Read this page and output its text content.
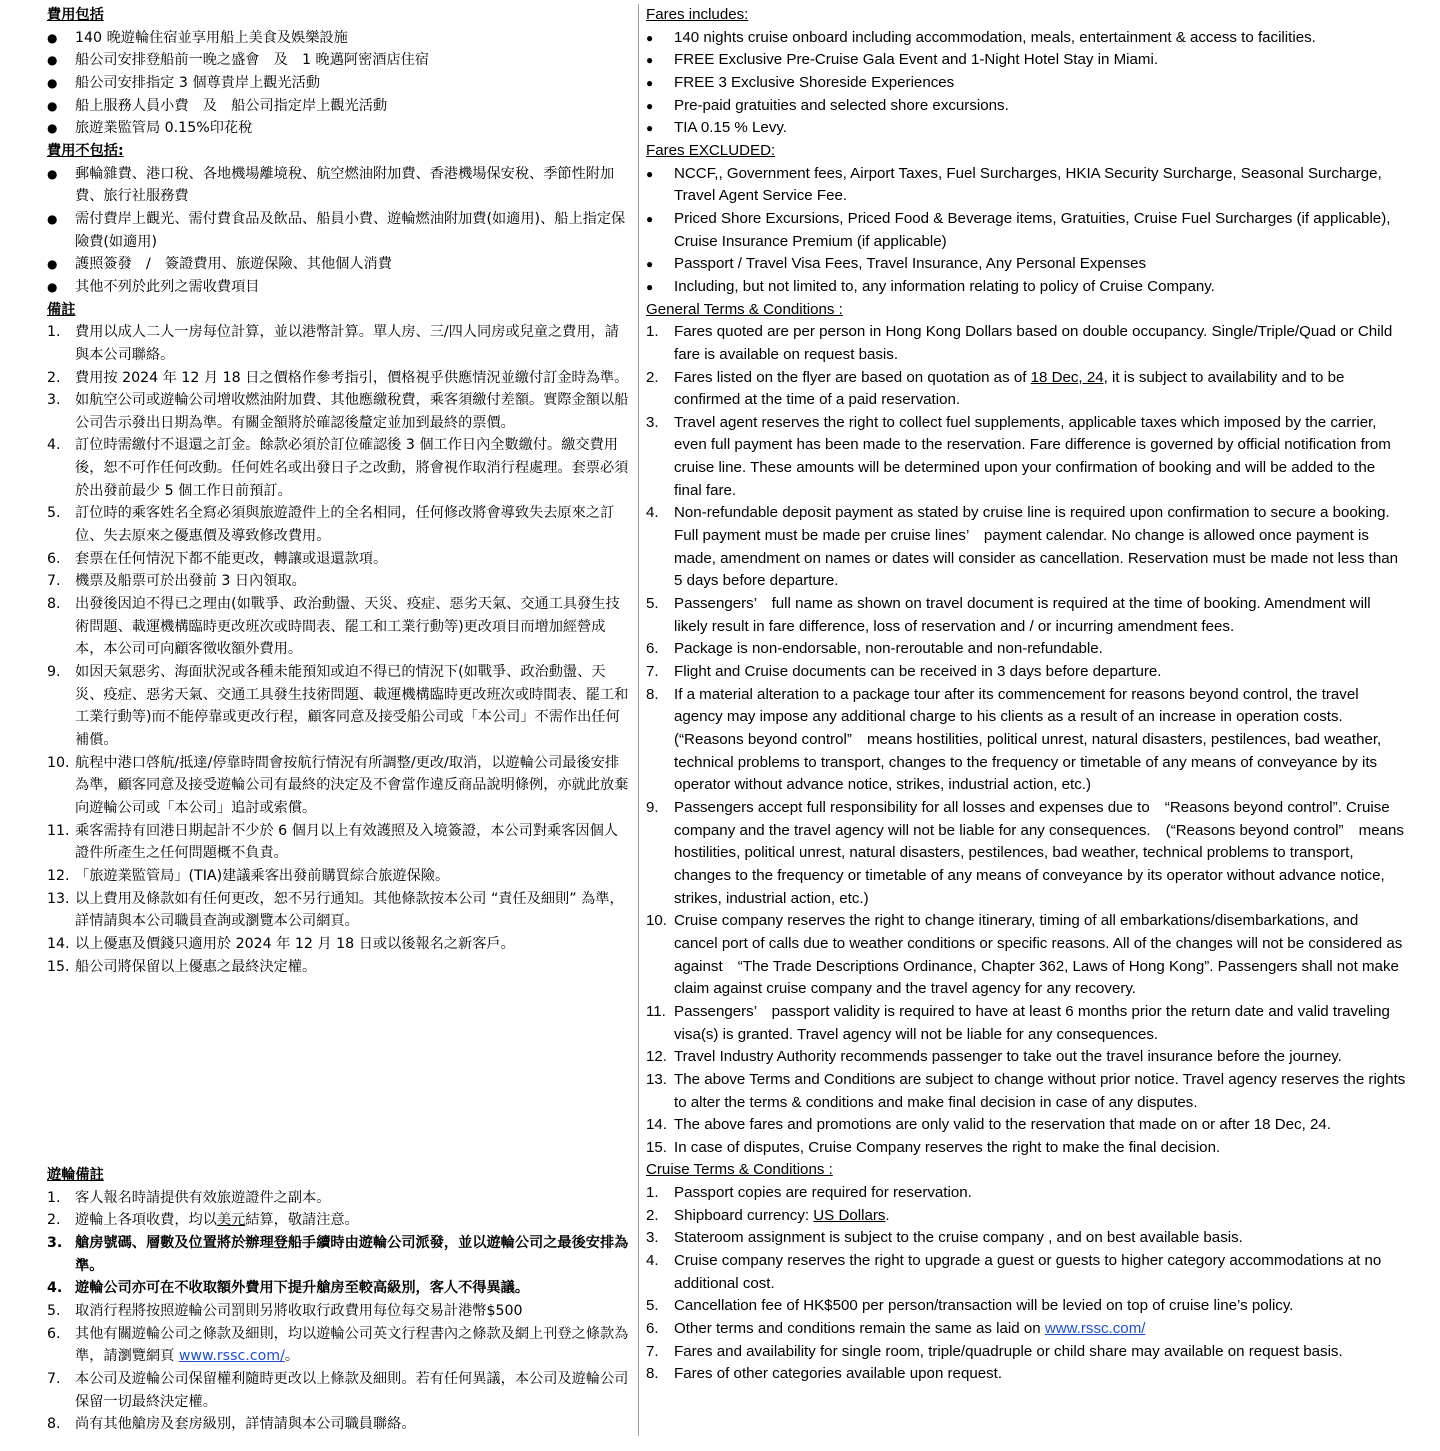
費用包括
● 140 晚遊輪住宿並享用船上美食及娛樂設施
● 船公司安排登船前一晚之盛會　及　1 晚邁阿密酒店住宿
● 船公司安排指定 3 個尊貴岸上觀光活動
● 船上服務人員小費　及　船公司指定岸上觀光活動
● 旅遊業監管局 0.15%印花稅
費用不包括:
● 郵輪雜費、港口稅、各地機場離境稅、航空燃油附加費、香港機場保安稅、季節性附加費、旅行社服務費
● 需付費岸上觀光、需付費食品及飲品、船員小費、遊輪燃油附加費(如適用)、船上指定保險費(如適用)
● 護照簽發　/　簽證費用、旅遊保險、其他個人消費
● 其他不列於此列之需收費項目
備註
1. 費用以成人二人一房每位計算，並以港幣計算。單人房、三/四人同房或兒童之費用，請與本公司聯絡。
2. 費用按 2024 年 12 月 18 日之價格作參考指引，價格視乎供應情況並繳付訂金時為準。
3. 如航空公司或遊輪公司增收燃油附加費、其他應繳稅費，乘客須繳付差額。實際金額以船公司告示發出日期為準。有關金額將於確認後釐定並加到最終的票價。
4. 訂位時需繳付不退還之訂金。餘款必須於訂位確認後 3 個工作日內全數繳付。繳交費用後，恕不可作任何改動。任何姓名或出發日子之改動，將會視作取消行程處理。套票必須於出發前最少 5 個工作日前預訂。
5. 訂位時的乘客姓名全寫必須與旅遊證件上的全名相同，任何修改將會導致失去原來之訂位、失去原來之優惠價及導致修改費用。
6. 套票在任何情況下都不能更改，轉讓或退還款項。
7. 機票及船票可於出發前 3 日內領取。
8. 出發後因迫不得已之理由(如戰爭、政治動盪、天災、疫症、惡劣天氣、交通工具發生技術問題、載運機構臨時更改班次或時間表、罷工和工業行動等)更改項目而增加經營成本，本公司可向顧客徵收額外費用。
9. 如因天氣惡劣、海面狀況或各種未能預知或迫不得已的情況下(如戰爭、政治動盪、天災、疫症、惡劣天氣、交通工具發生技術問題、載運機構臨時更改班次或時間表、罷工和工業行動等)而不能停靠或更改行程，顧客同意及接受船公司或「本公司」不需作出任何補償。
10. 航程中港口啓航/抵達/停靠時間會按航行情況有所調整/更改/取消，以遊輪公司最後安排為準，顧客同意及接受遊輪公司有最終的決定及不會當作違反商品說明條例，亦就此放棄向遊輪公司或「本公司」追討或索償。
11. 乘客需持有回港日期起計不少於 6 個月以上有效護照及入境簽證，本公司對乘客因個人證件所產生之任何問題概不負責。
12. 「旅遊業監管局」(TIA)建議乘客出發前購買綜合旅遊保險。
13. 以上費用及條款如有任何更改，恕不另行通知。其他條款按本公司 “責任及細則” 為準，詳情請與本公司職員查詢或瀏覽本公司網頁。
14. 以上優惠及價錢只適用於 2024 年 12 月 18 日或以後報名之新客戶。
15. 船公司將保留以上優惠之最終決定權。
遊輪備註
1. 客人報名時請提供有效旅遊證件之副本。
2. 遊輪上各項收費，均以美元結算，敬請注意。
3. 艙房號碼、層數及位置將於辦理登船手續時由遊輪公司派發，並以遊輪公司之最後安排為準。
4. 遊輪公司亦可在不收取額外費用下提升艙房至較高級別，客人不得異議。
5. 取消行程將按照遊輪公司罰則另將收取行政費用每位每交易計港幣$500
6. 其他有關遊輪公司之條款及細則，均以遊輪公司英文行程書內之條款及網上刊登之條款為準，請瀏覽網頁 www.rssc.com/。
7. 本公司及遊輪公司保留權利隨時更改以上條款及細則。若有任何異議，本公司及遊輪公司保留一切最終決定權。
8. 尚有其他艙房及套房級別，詳情請與本公司職員聯絡。
Fares includes:
● 140 nights cruise onboard including accommodation, meals, entertainment & access to facilities.
● FREE Exclusive Pre-Cruise Gala Event and 1-Night Hotel Stay in Miami.
● FREE 3 Exclusive Shoreside Experiences
● Pre-paid gratuities and selected shore excursions.
● TIA 0.15 % Levy.
Fares EXCLUDED:
● NCCF,, Government fees, Airport Taxes, Fuel Surcharges, HKIA Security Surcharge, Seasonal Surcharge, Travel Agent Service Fee.
● Priced Shore Excursions, Priced Food & Beverage items, Gratuities, Cruise Fuel Surcharges (if applicable), Cruise Insurance Premium (if applicable)
● Passport / Travel Visa Fees, Travel Insurance, Any Personal Expenses
● Including, but not limited to, any information relating to policy of Cruise Company.
General Terms & Conditions :
1. Fares quoted are per person in Hong Kong Dollars based on double occupancy. Single/Triple/Quad or Child fare is available on request basis.
2. Fares listed on the flyer are based on quotation as of 18 Dec, 24, it is subject to availability and to be confirmed at the time of a paid reservation.
3. Travel agent reserves the right to collect fuel supplements, applicable taxes which imposed by the carrier, even full payment has been made to the reservation. Fare difference is governed by official notification from cruise line. These amounts will be determined upon your confirmation of booking and will be added to the final fare.
4. Non-refundable deposit payment as stated by cruise line is required upon confirmation to secure a booking. Full payment must be made per cruise lines’　payment calendar. No change is allowed once payment is made, amendment on names or dates will consider as cancellation. Reservation must be made not less than 5 days before departure.
5. Passengers’　full name as shown on travel document is required at the time of booking. Amendment will likely result in fare difference, loss of reservation and / or incurring amendment fees.
6. Package is non-endorsable, non-reroutable and non-refundable.
7. Flight and Cruise documents can be received in 3 days before departure.
8. If a material alteration to a package tour after its commencement for reasons beyond control, the travel agency may impose any additional charge to his clients as a result of an increase in operation costs. (“Reasons beyond control”　means hostilities, political unrest, natural disasters, pestilences, bad weather, technical problems to transport, changes to the frequency or timetable of any means of conveyance by its operator without advance notice, strikes, industrial action, etc.)
9. Passengers accept full responsibility for all losses and expenses due to　“Reasons beyond control”. Cruise company and the travel agency will not be liable for any consequences.　(“Reasons beyond control”　means hostilities, political unrest, natural disasters, pestilences, bad weather, technical problems to transport, changes to the frequency or timetable of any means of conveyance by its operator without advance notice, strikes, industrial action, etc.)
10. Cruise company reserves the right to change itinerary, timing of all embarkations/disembarkations, and cancel port of calls due to weather conditions or specific reasons. All of the changes will not be considered as against　“The Trade Descriptions Ordinance, Chapter 362, Laws of Hong Kong”. Passengers shall not make claim against cruise company and the travel agency for any recovery.
11. Passengers’　passport validity is required to have at least 6 months prior the return date and valid traveling visa(s) is granted. Travel agency will not be liable for any consequences.
12. Travel Industry Authority recommends passenger to take out the travel insurance before the journey.
13. The above Terms and Conditions are subject to change without prior notice. Travel agency reserves the rights to alter the terms & conditions and make final decision in case of any disputes.
14. The above fares and promotions are only valid to the reservation that made on or after 18 Dec, 24.
15. In case of disputes, Cruise Company reserves the right to make the final decision.
Cruise Terms & Conditions :
1. Passport copies are required for reservation.
2. Shipboard currency: US Dollars.
3. Stateroom assignment is subject to the cruise company , and on best available basis.
4. Cruise company reserves the right to upgrade a guest or guests to higher category accommodations at no additional cost.
5. Cancellation fee of HK$500 per person/transaction will be levied on top of cruise line’s policy.
6. Other terms and conditions remain the same as laid on www.rssc.com/
7. Fares and availability for single room, triple/quadruple or child share may available on request basis.
8. Fares of other categories available upon request.
